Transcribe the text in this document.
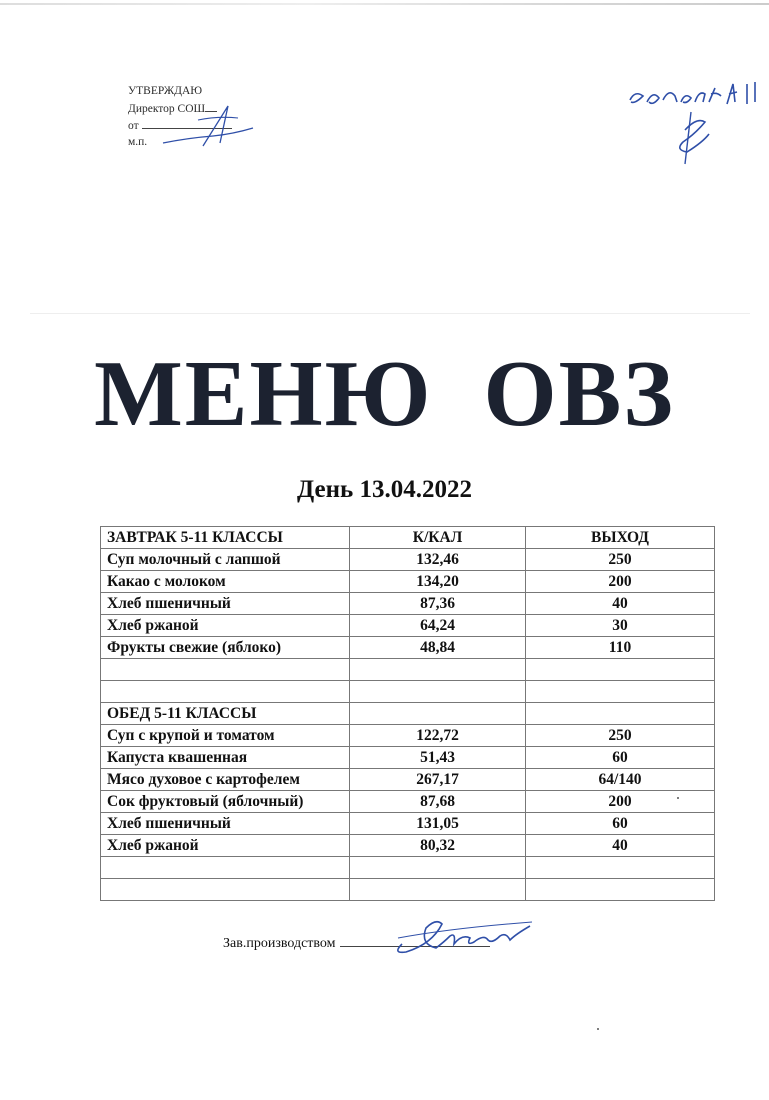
УТВЕРЖДАЮ
Директор СОШ
от
м.п.
МЕНЮ ОВЗ
День 13.04.2022
ЗАВТРАК 5-11 КЛАССЫ	К/КАЛ	ВЫХОД
Суп молочный с лапшой	132,46	250
Какао с молоком	134,20	200
Хлеб пшеничный	87,36	40
Хлеб ржаной	64,24	30
Фрукты свежие (яблоко)	48,84	110

ОБЕД 5-11 КЛАССЫ		
Суп с крупой и томатом	122,72	250
Капуста квашенная	51,43	60
Мясо духовое с картофелем	267,17	64/140
Сок фруктовый (яблочный)	87,68	200
Хлеб пшеничный	131,05	60
Хлеб ржаной	80,32	40

Зав.производством
